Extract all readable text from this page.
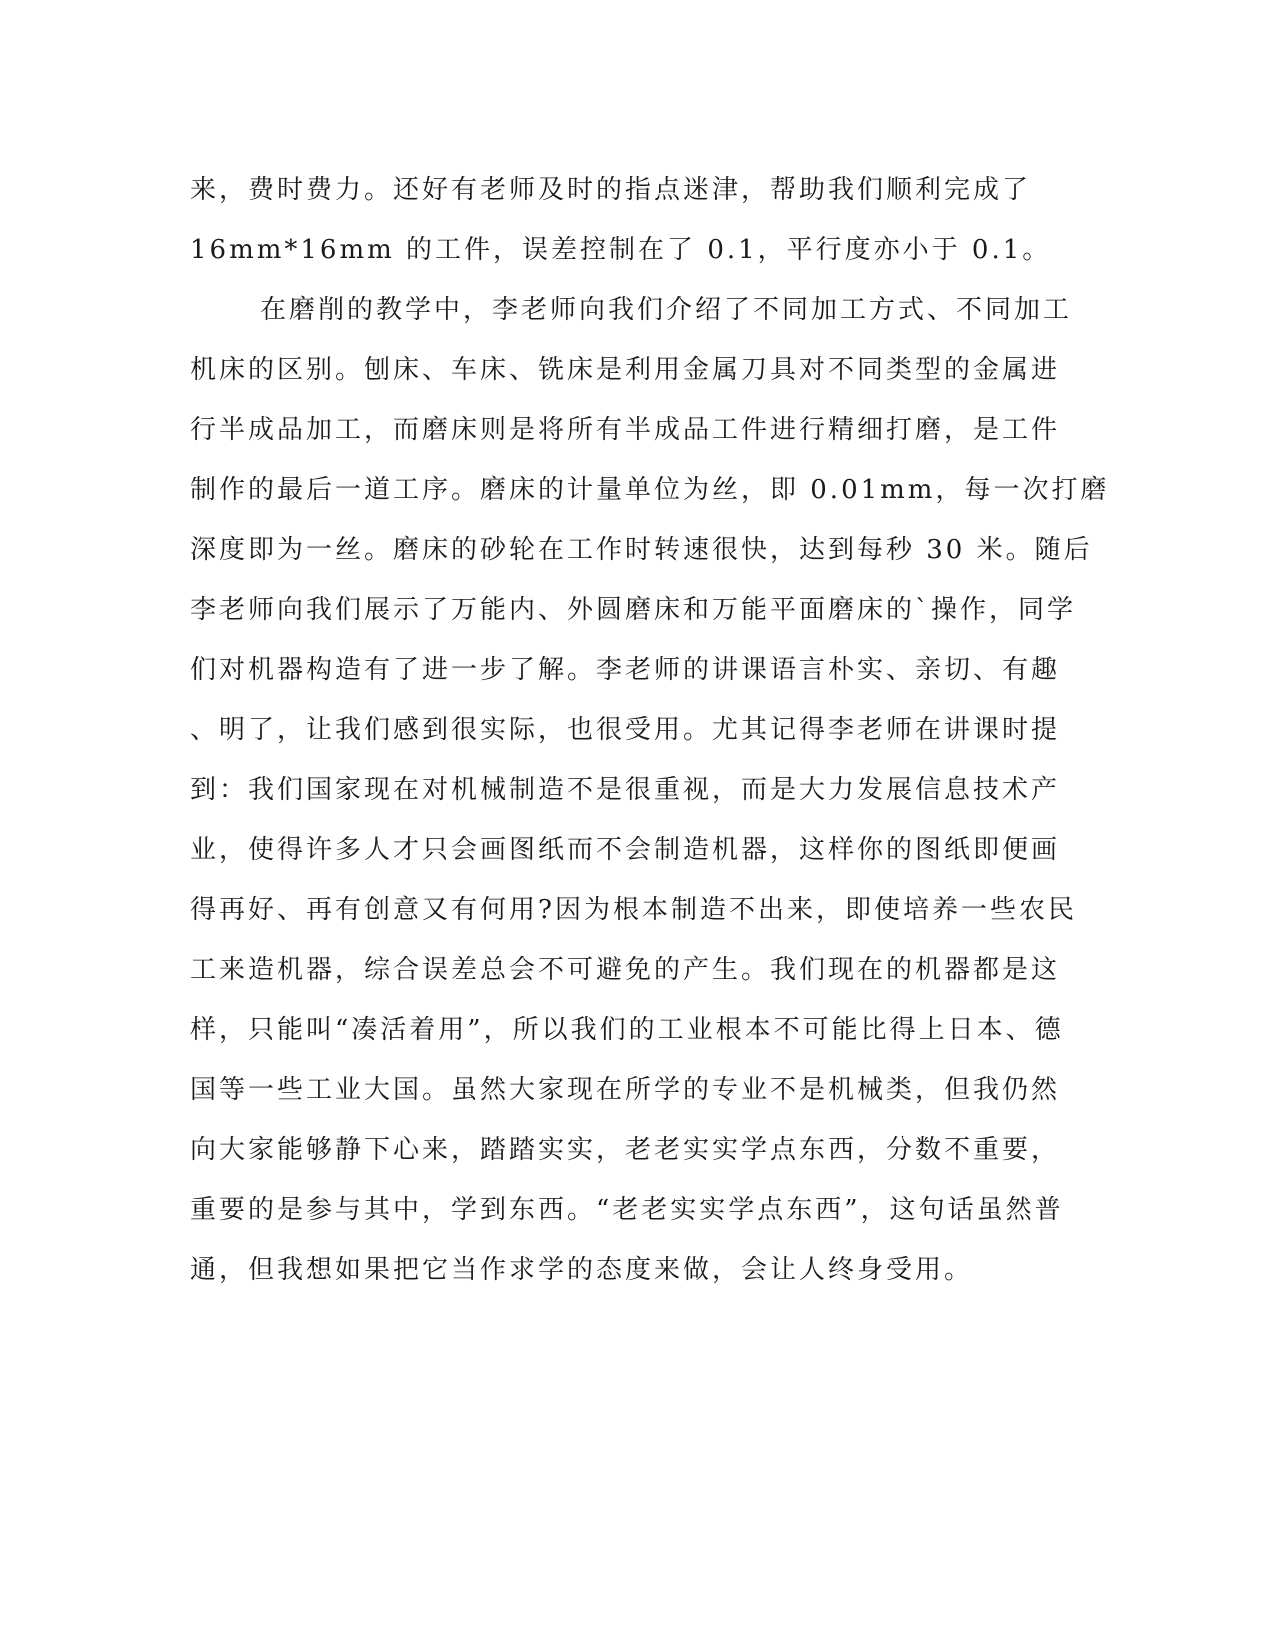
来，费时费力。还好有老师及时的指点迷津，帮助我们顺利完成了
16mm*16mm 的工件，误差控制在了 0.1，平行度亦小于 0.1。
在磨削的教学中，李老师向我们介绍了不同加工方式、不同加工
机床的区别。刨床、车床、铣床是利用金属刀具对不同类型的金属进
行半成品加工，而磨床则是将所有半成品工件进行精细打磨，是工件
制作的最后一道工序。磨床的计量单位为丝，即 0.01mm，每一次打磨
深度即为一丝。磨床的砂轮在工作时转速很快，达到每秒 30 米。随后
李老师向我们展示了万能内、外圆磨床和万能平面磨床的`操作，同学
们对机器构造有了进一步了解。李老师的讲课语言朴实、亲切、有趣
、明了，让我们感到很实际，也很受用。尤其记得李老师在讲课时提
到：我们国家现在对机械制造不是很重视，而是大力发展信息技术产
业，使得许多人才只会画图纸而不会制造机器，这样你的图纸即便画
得再好、再有创意又有何用?因为根本制造不出来，即使培养一些农民
工来造机器，综合误差总会不可避免的产生。我们现在的机器都是这
样，只能叫“凑活着用”，所以我们的工业根本不可能比得上日本、德
国等一些工业大国。虽然大家现在所学的专业不是机械类，但我仍然
向大家能够静下心来，踏踏实实，老老实实学点东西，分数不重要，
重要的是参与其中，学到东西。“老老实实学点东西”，这句话虽然普
通，但我想如果把它当作求学的态度来做，会让人终身受用。
